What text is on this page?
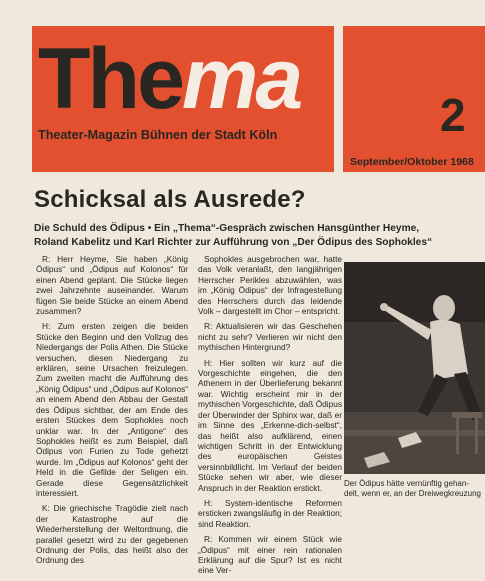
Thema
Theater-Magazin Bühnen der Stadt Köln	2
September/Oktober 1968
Schicksal als Ausrede?
Die Schuld des Ödipus • Ein „Thema“-Gespräch zwischen Hansgünther Heyme,
Roland Kabelitz und Karl Richter zur Aufführung von „Der Ödipus des Sophokles“

R: Herr Heyme, Sie haben „König Ödipus“ und „Ödipus auf Kolonos“ für einen Abend geplant. Die Stücke liegen zwei Jahrzehnte auseinander. Warum fügen Sie beide Stücke an einem Abend zusammen?

H: Zum ersten zeigen die beiden Stücke den Beginn und den Vollzug des Niedergangs der Polis Athen. Die Stücke versuchen, diesen Niedergang zu erklären, seine Ursachen freizulegen. Zum zweiten macht die Aufführung des „König Ödipus“ und „Ödipus auf Kolonos“ an einem Abend den Abbau der Gestalt des Ödipus sichtbar, der am Ende des ersten Stückes dem Sophokles noch unklar war. In der „Antigone“ des Sophokles heißt es zum Beispiel, daß Ödipus von Furien zu Tode gehetzt wurde. Im „Ödipus auf Kolonos“ geht der Held in die Gefilde der Seligen ein. Gerade diese Gegensätzlichkeit interessiert.

K: Die griechische Tragödie zielt nach der Katastrophe auf die Wiederherstellung der Weltordnung, die parallel gesetzt wird zu der gegebenen Ordnung der Polis, das heißt also der Ordnung des

Sophokles ausgebrochen war, hatte das Volk veranlaßt, den langjährigen Herrscher Perikles abzuwählen, was im „König Ödipus“ der Infragestellung des Herrschers durch das leidende Volk – dargestellt im Chor – entspricht.

R: Aktualisieren wir das Geschehen nicht zu sehr? Verlieren wir nicht den mythischen Hintergrund?

H: Hier sollten wir kurz auf die Vorgeschichte eingehen, die den Athenern in der Überlieferung bekannt war. Wichtig erscheint mir in der mythischen Vorgeschichte, daß Ödipus der Überwinder der Sphinx war, daß er im Sinne des „Erkenne-dich-selbst“, das heißt also aufklärend, einen wichtigen Schritt in der Entwicklung des europäischen Geistes versinnbildlicht. Im Verlauf der beiden Stücke sehen wir aber, wie dieser Anspruch in der Reaktion erstickt.

H: System-identische Reformen ersticken zwangsläufig in der Reaktion; sind Reaktion.

R: Kommen wir einem Stück wie „Ödipus“ mit einer rein rationalen Erklärung auf die Spur? Ist es nicht eine Ver-

Der Ödipus hätte vernünftig gehan-
delt, wenn er, an der Dreiwegkreuzung
